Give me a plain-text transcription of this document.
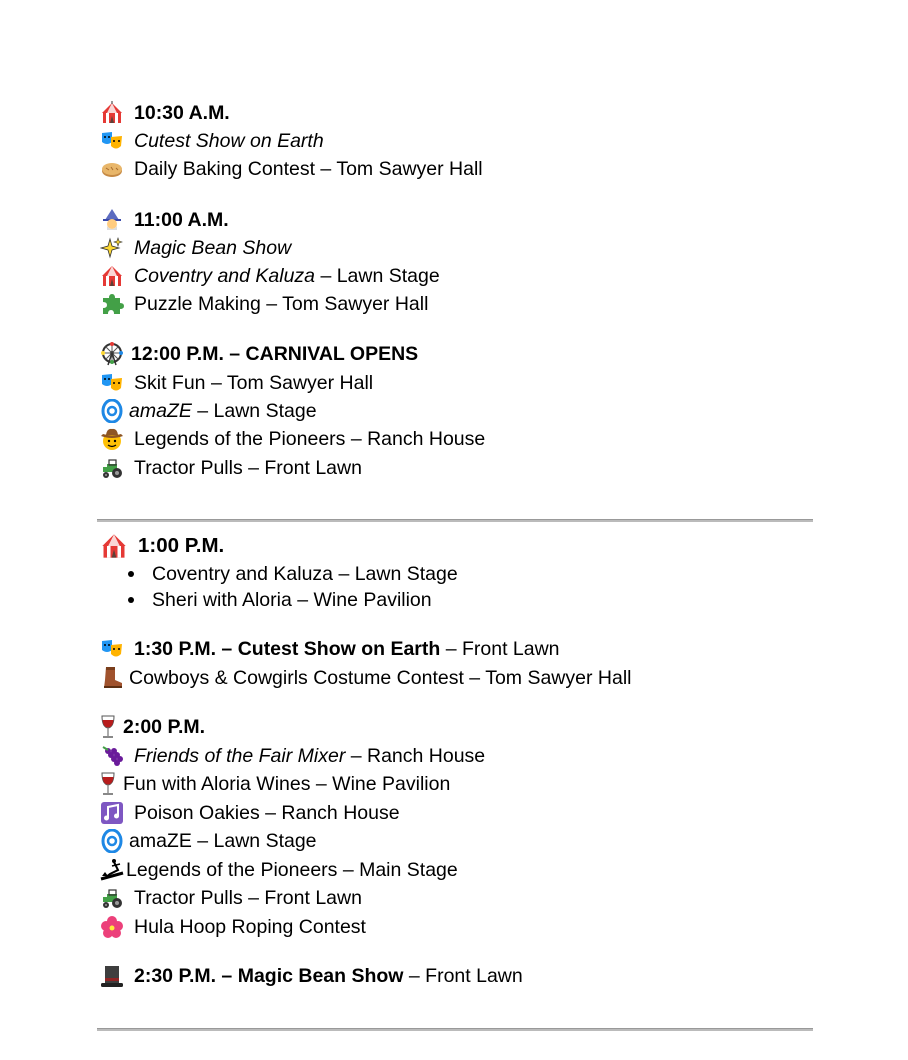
10:30 A.M.
Cutest Show on Earth
Daily Baking Contest – Tom Sawyer Hall
11:00 A.M.
Magic Bean Show
Coventry and Kaluza – Lawn Stage
Puzzle Making – Tom Sawyer Hall
12:00 P.M. – CARNIVAL OPENS
Skit Fun – Tom Sawyer Hall
amaZE – Lawn Stage
Legends of the Pioneers – Ranch House
Tractor Pulls – Front Lawn
1:00 P.M.
Coventry and Kaluza – Lawn Stage
Sheri with Aloria – Wine Pavilion
1:30 P.M. – Cutest Show on Earth – Front Lawn
Cowboys & Cowgirls Costume Contest – Tom Sawyer Hall
2:00 P.M.
Friends of the Fair Mixer – Ranch House
Fun with Aloria Wines – Wine Pavilion
Poison Oakies – Ranch House
amaZE – Lawn Stage
Legends of the Pioneers – Main Stage
Tractor Pulls – Front Lawn
Hula Hoop Roping Contest
2:30 P.M. – Magic Bean Show – Front Lawn
